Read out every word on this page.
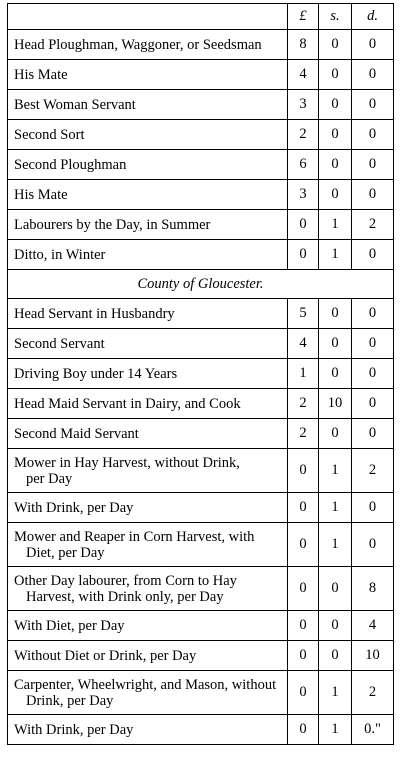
	£	s.	d.
Head Ploughman, Waggoner, or Seedsman	8	0	0
His Mate	4	0	0
Best Woman Servant	3	0	0
Second Sort	2	0	0
Second Ploughman	6	0	0
His Mate	3	0	0
Labourers by the Day, in Summer	0	1	2
Ditto, in Winter	0	1	0
County of Gloucester.			
Head Servant in Husbandry	5	0	0
Second Servant	4	0	0
Driving Boy under 14 Years	1	0	0
Head Maid Servant in Dairy, and Cook	2	10	0
Second Maid Servant	2	0	0
Mower in Hay Harvest, without Drink,
per Day	0	1	2
With Drink, per Day	0	1	0
Mower and Reaper in Corn Harvest, with
Diet, per Day	0	1	0
Other Day labourer, from Corn to Hay
Harvest, with Drink only, per Day	0	0	8
With Diet, per Day	0	0	4
Without Diet or Drink, per Day	0	0	10
Carpenter, Wheelwright, and Mason, without
Drink, per Day	0	1	2
With Drink, per Day	0	1	0."
